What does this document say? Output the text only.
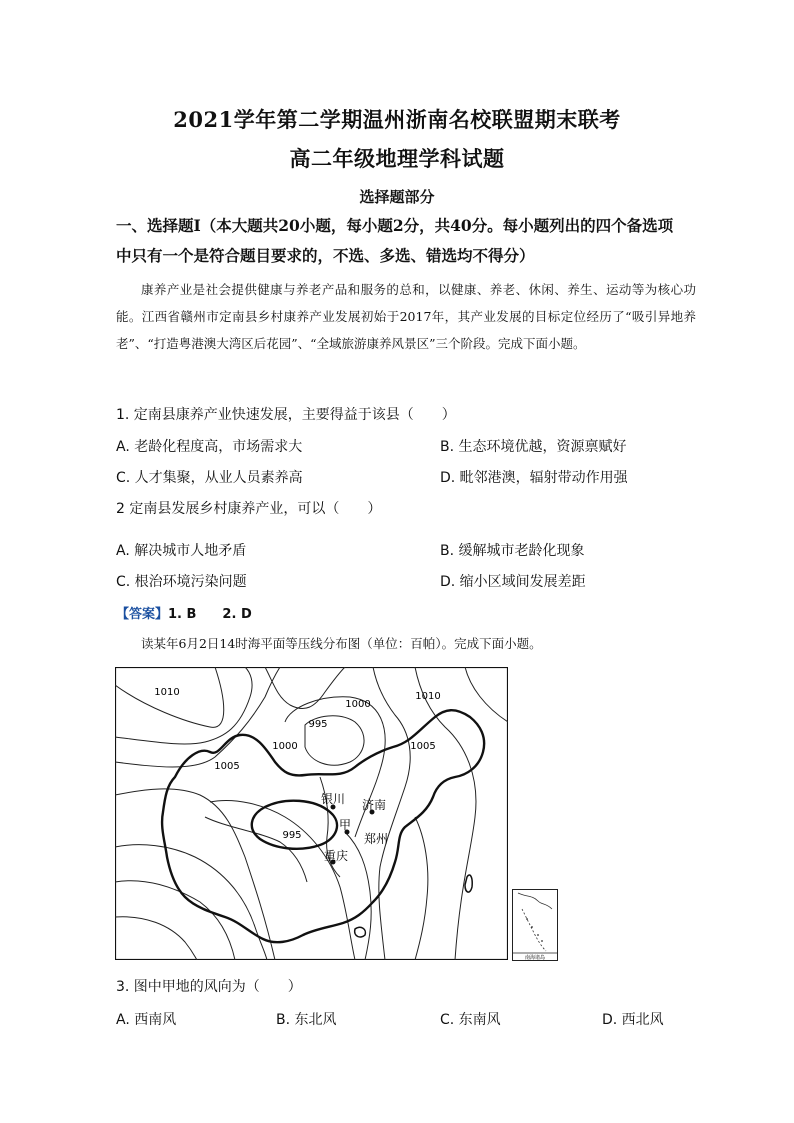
2021学年第二学期温州浙南名校联盟期末联考
高二年级地理学科试题
选择题部分
一、选择题Ⅰ（本大题共20小题，每小题2分，共40分。每小题列出的四个备选项
中只有一个是符合题目要求的，不选、多选、错选均不得分）
康养产业是社会提供健康与养老产品和服务的总和，以健康、养老、休闲、养生、运动等为核心功能。江西省赣州市定南县乡村康养产业发展初始于2017年，其产业发展的目标定位经历了“吸引异地养老”、“打造粤港澳大湾区后花园”、“全域旅游康养风景区”三个阶段。完成下面小题。
1. 定南县康养产业快速发展，主要得益于该县（　　）
A. 老龄化程度高，市场需求大	B. 生态环境优越，资源禀赋好
C. 人才集聚，从业人员素养高	D. 毗邻港澳，辐射带动作用强
2 定南县发展乡村康养产业，可以（　　）
A. 解决城市人地矛盾	B. 缓解城市老龄化现象
C. 根治环境污染问题	D. 缩小区域间发展差距
【答案】1. B　　2. D
读某年6月2日14时海平面等压线分布图（单位：百帕）。完成下面小题。
1010
1000
995
1010
1000	1005
1005
995
银川 济南
甲
郑州
重庆
南海诸岛
3. 图中甲地的风向为（　　）
A. 西南风	B. 东北风	C. 东南风	D. 西北风
